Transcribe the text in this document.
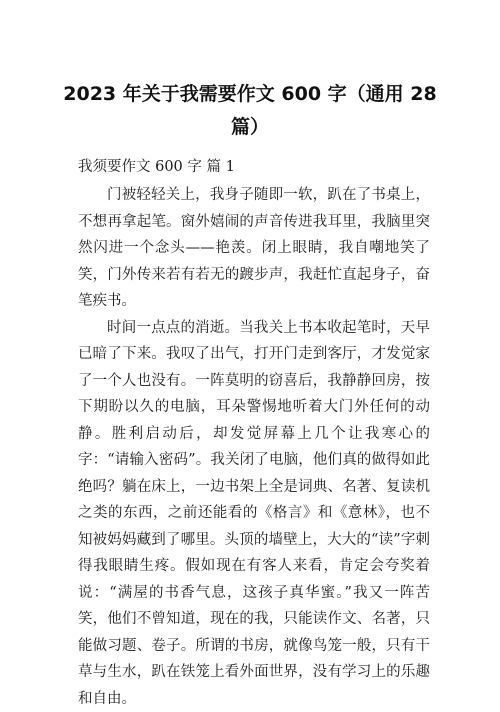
2023 年关于我需要作文 600 字（通用 28 篇）

我须要作文 600 字 篇 1

门被轻轻关上，我身子随即一软，趴在了书桌上，不想再拿起笔。窗外嬉闹的声音传进我耳里，我脑里突然闪进一个念头——艳羡。闭上眼睛，我自嘲地笑了笑，门外传来若有若无的踱步声，我赶忙直起身子，奋笔疾书。

时间一点点的消逝。当我关上书本收起笔时，天早已暗了下来。我叹了出气，打开门走到客厅，才发觉家了一个人也没有。一阵莫明的窃喜后，我静静回房，按下期盼以久的电脑，耳朵警惕地听着大门外任何的动静。胜利启动后，却发觉屏幕上几个让我寒心的字：“请输入密码”。我关闭了电脑，他们真的做得如此绝吗？躺在床上，一边书架上全是词典、名著、复读机之类的东西，之前还能看的《格言》和《意林》，也不知被妈妈藏到了哪里。头顶的墙壁上，大大的“读”字刺得我眼睛生疼。假如现在有客人来看，肯定会夸奖着说：“满屋的书香气息，这孩子真华蜜。”我又一阵苦笑，他们不曾知道，现在的我，只能读作文、名著，只能做习题、卷子。所谓的书房，就像鸟笼一般，只有干草与生水，趴在铁笼上看外面世界，没有学习上的乐趣和自由。
